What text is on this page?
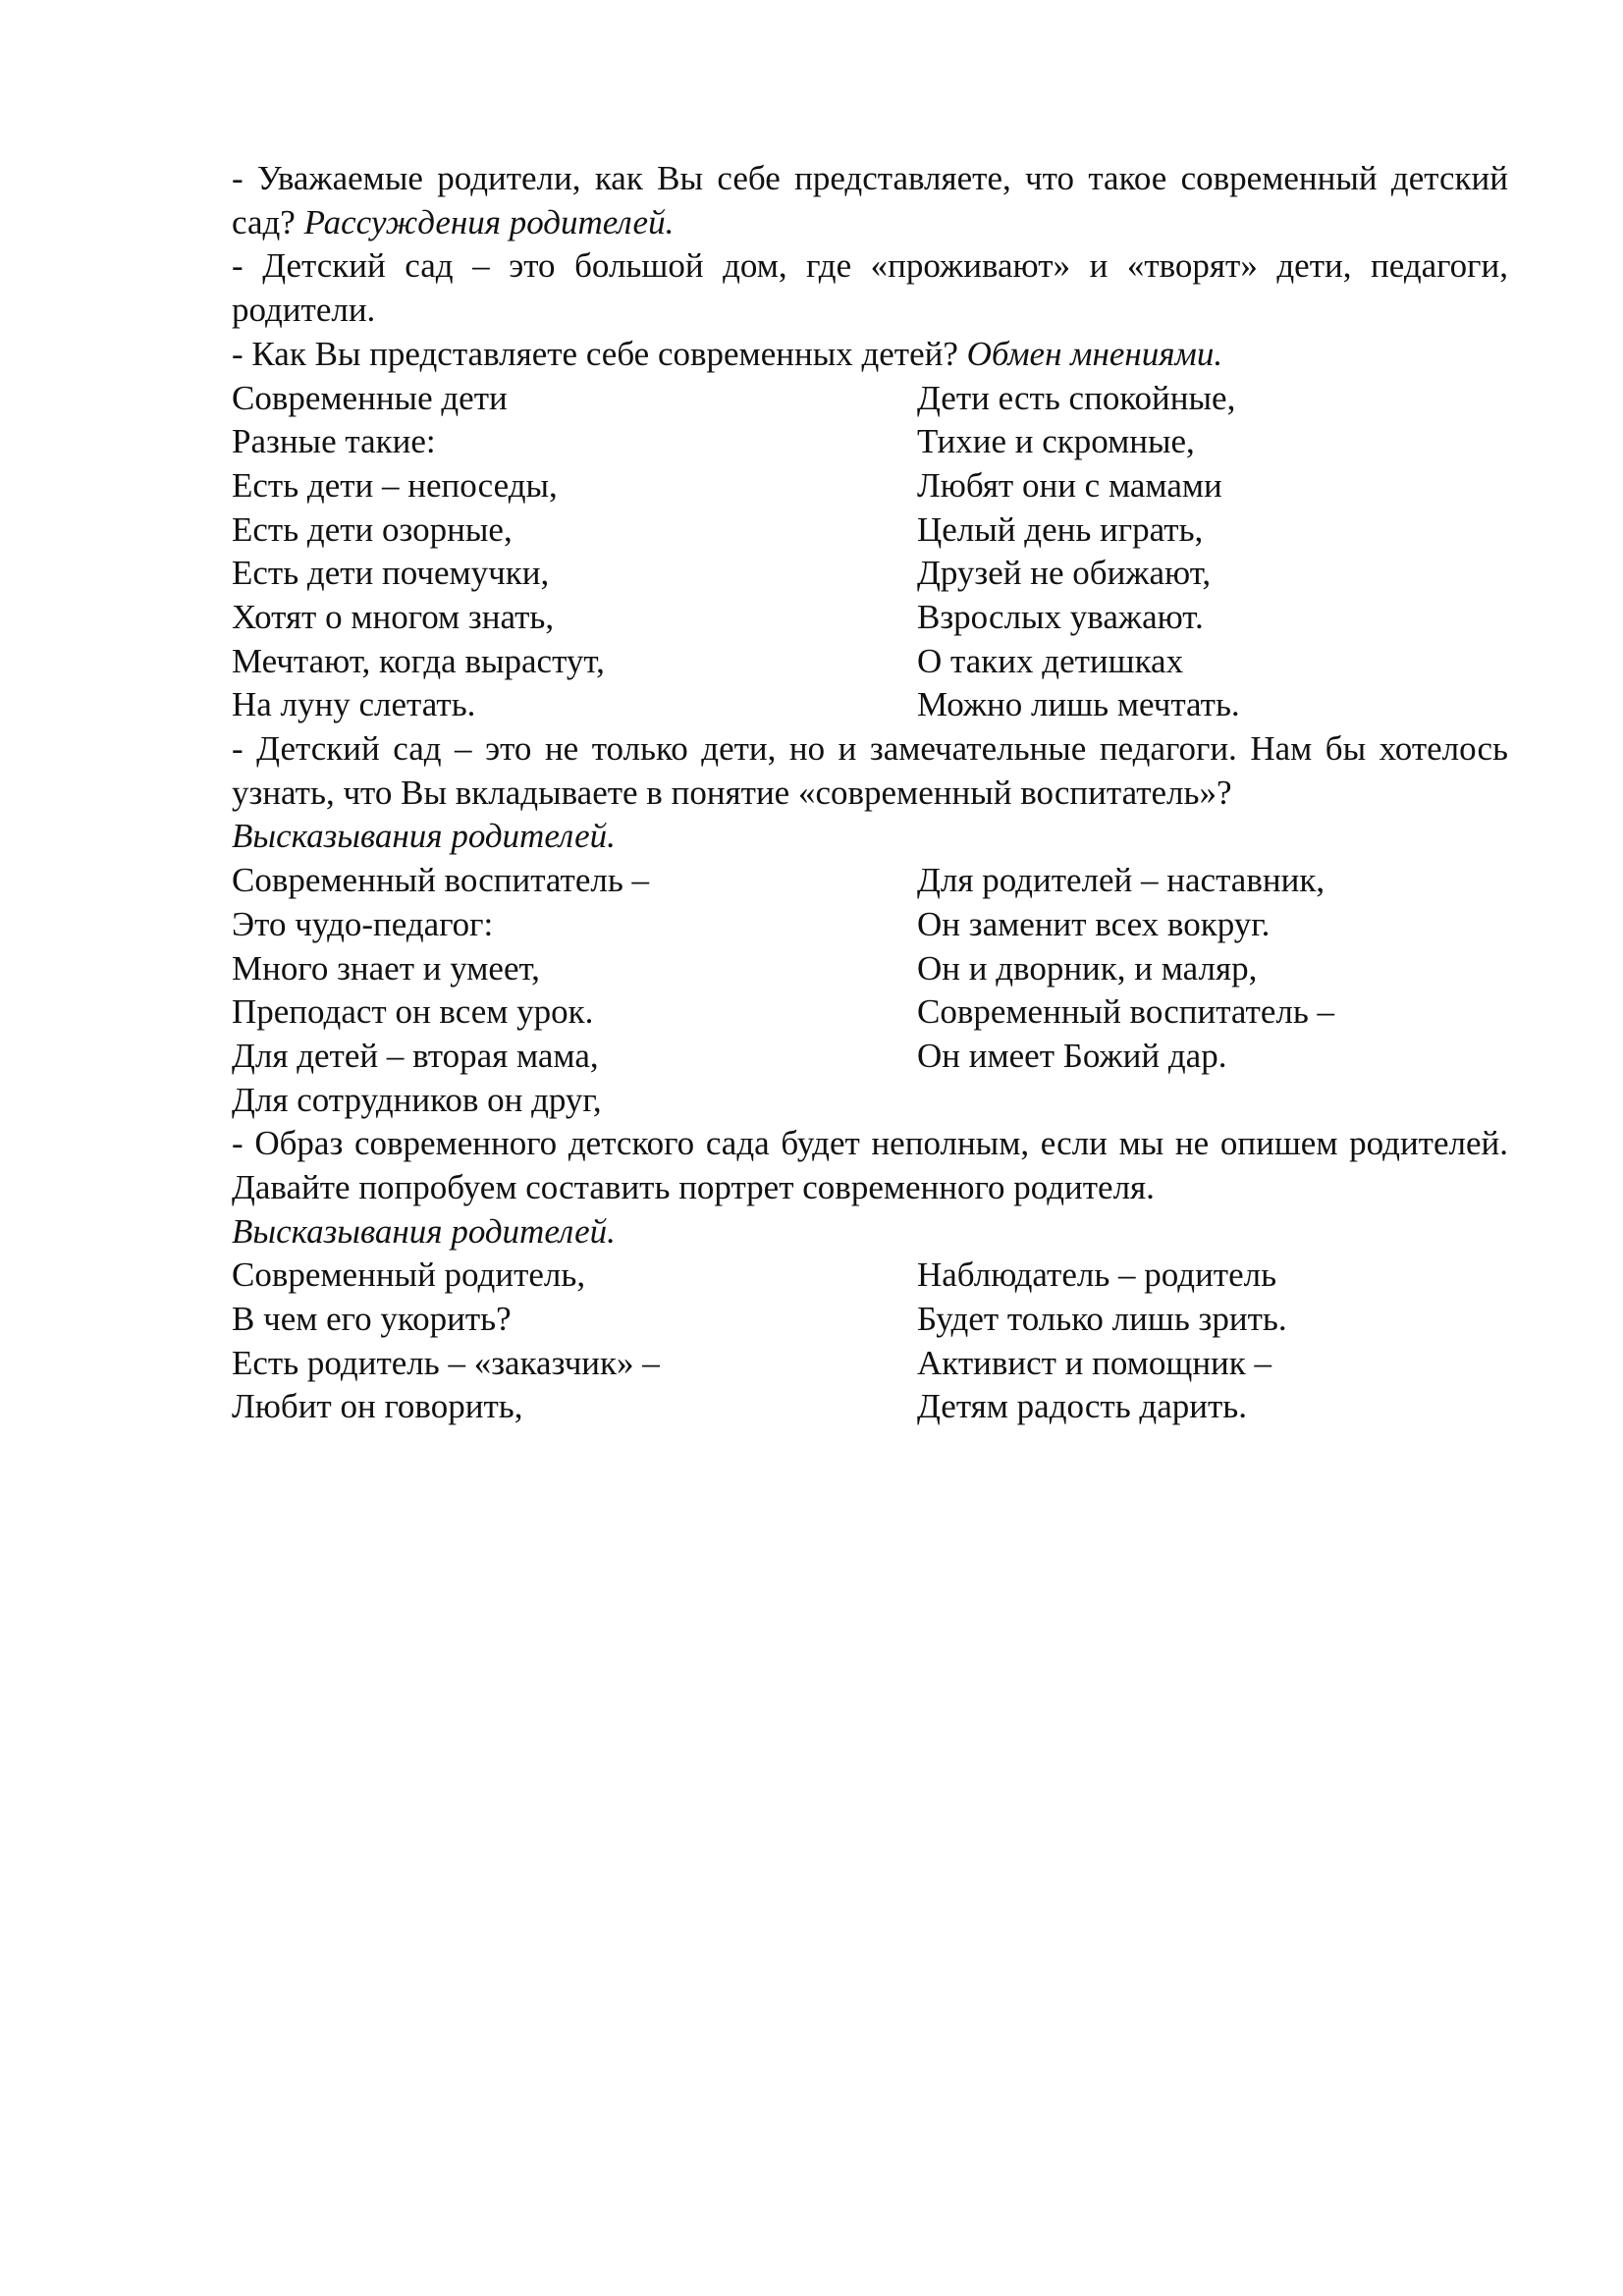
- Уважаемые родители, как Вы себе представляете, что такое современный детский сад? Рассуждения родителей.

- Детский сад – это большой дом, где «проживают» и «творят» дети, педагоги, родители.

- Как Вы представляете себе современных детей? Обмен мнениями.

Современные дети
Разные такие:
Есть дети – непоседы,
Есть дети озорные,
Есть дети почемучки,
Хотят о многом знать,
Мечтают, когда вырастут,
На луну слетать.
Дети есть спокойные,
Тихие и скромные,
Любят они с мамами
Целый день играть,
Друзей не обижают,
Взрослых уважают.
О таких детишках
Можно лишь мечтать.

- Детский сад – это не только дети, но и замечательные педагоги. Нам бы хотелось узнать, что Вы вкладываете в понятие «современный воспитатель»?

Высказывания родителей.

Современный воспитатель –
Это чудо-педагог:
Много знает и умеет,
Преподаст он всем урок.
Для детей – вторая мама,
Для сотрудников он друг,
Для родителей – наставник,
Он заменит всех вокруг.
Он и дворник, и маляр,
Современный воспитатель –
Он имеет Божий дар.

- Образ современного детского сада будет неполным, если мы не опишем родителей. Давайте попробуем составить портрет современного родителя.

Высказывания родителей.

Современный родитель,
В чем его укорить?
Есть родитель – «заказчик» –
Любит он говорить,
Наблюдатель – родитель
Будет только лишь зрить.
Активист и помощник –
Детям радость дарить.
